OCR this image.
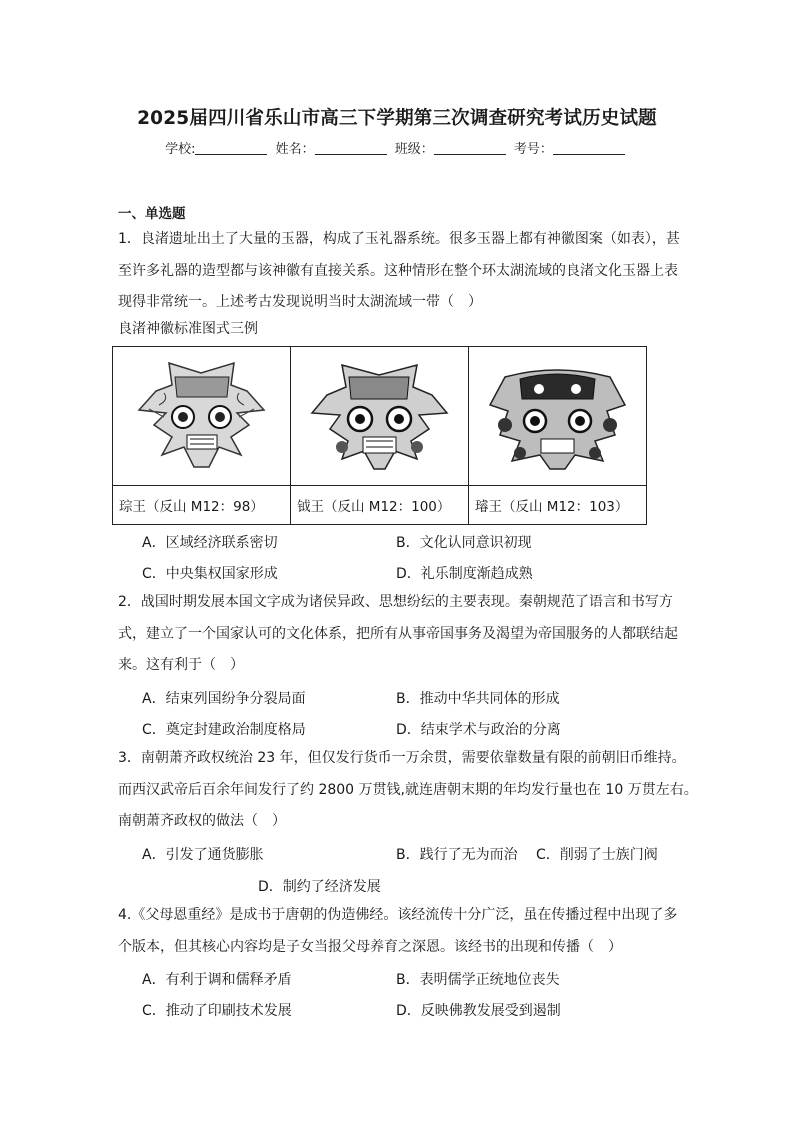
2025届四川省乐山市高三下学期第三次调查研究考试历史试题
学校:	姓名：	班级：	考号：
一、单选题
1．良渚遗址出土了大量的玉器，构成了玉礼器系统。很多玉器上都有神徽图案（如表），甚
至许多礼器的造型都与该神徽有直接关系。这种情形在整个环太湖流域的良渚文化玉器上表
现得非常统一。上述考古发现说明当时太湖流域一带（　）
良渚神徽标准图式三例

琮王（反山 M12：98）	钺王（反山 M12：100）	璿王（反山 M12：103）
A．区域经济联系密切	B．文化认同意识初现
C．中央集权国家形成	D．礼乐制度渐趋成熟
2．战国时期发展本国文字成为诸侯异政、思想纷纭的主要表现。秦朝规范了语言和书写方
式，建立了一个国家认可的文化体系，把所有从事帝国事务及渴望为帝国服务的人都联结起
来。这有利于（　）
A．结束列国纷争分裂局面	B．推动中华共同体的形成
C．奠定封建政治制度格局	D．结束学术与政治的分离
3．南朝萧齐政权统治 23 年，但仅发行货币一万余贯，需要依靠数量有限的前朝旧币维持。
而西汉武帝后百余年间发行了约 2800 万贯钱,就连唐朝末期的年均发行量也在 10 万贯左右。
南朝萧齐政权的做法（　）
A．引发了通货膨胀	B．践行了无为而治 C．削弱了士族门阀
D．制约了经济发展
4.《父母恩重经》是成书于唐朝的伪造佛经。该经流传十分广泛，虽在传播过程中出现了多
个版本，但其核心内容均是子女当报父母养育之深恩。该经书的出现和传播（　）
A．有利于调和儒释矛盾	B．表明儒学正统地位丧失
C．推动了印刷技术发展	D．反映佛教发展受到遏制
